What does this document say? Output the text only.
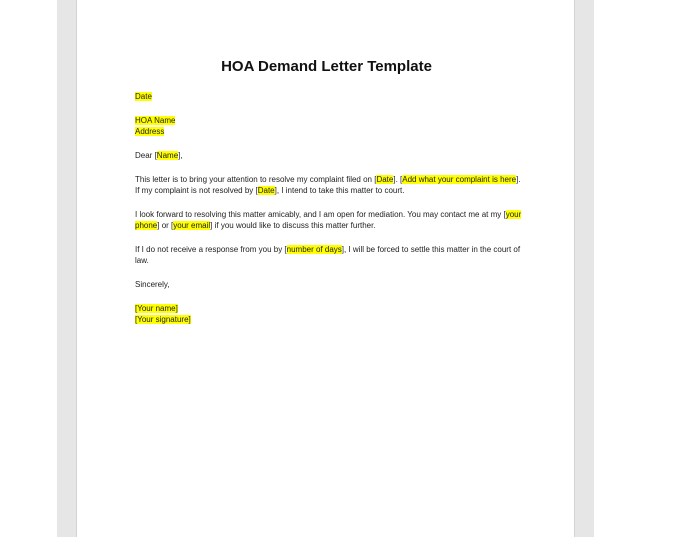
HOA Demand Letter Template

Date

HOA Name
Address

Dear [Name],

This letter is to bring your attention to resolve my complaint filed on [Date]. [Add what your complaint is here]. If my complaint is not resolved by [Date], I intend to take this matter to court.

I look forward to resolving this matter amicably, and I am open for mediation. You may contact me at my [your phone] or [your email] if you would like to discuss this matter further.

If I do not receive a response from you by [number of days], I will be forced to settle this matter in the court of law.

Sincerely,

[Your name]
[Your signature]
